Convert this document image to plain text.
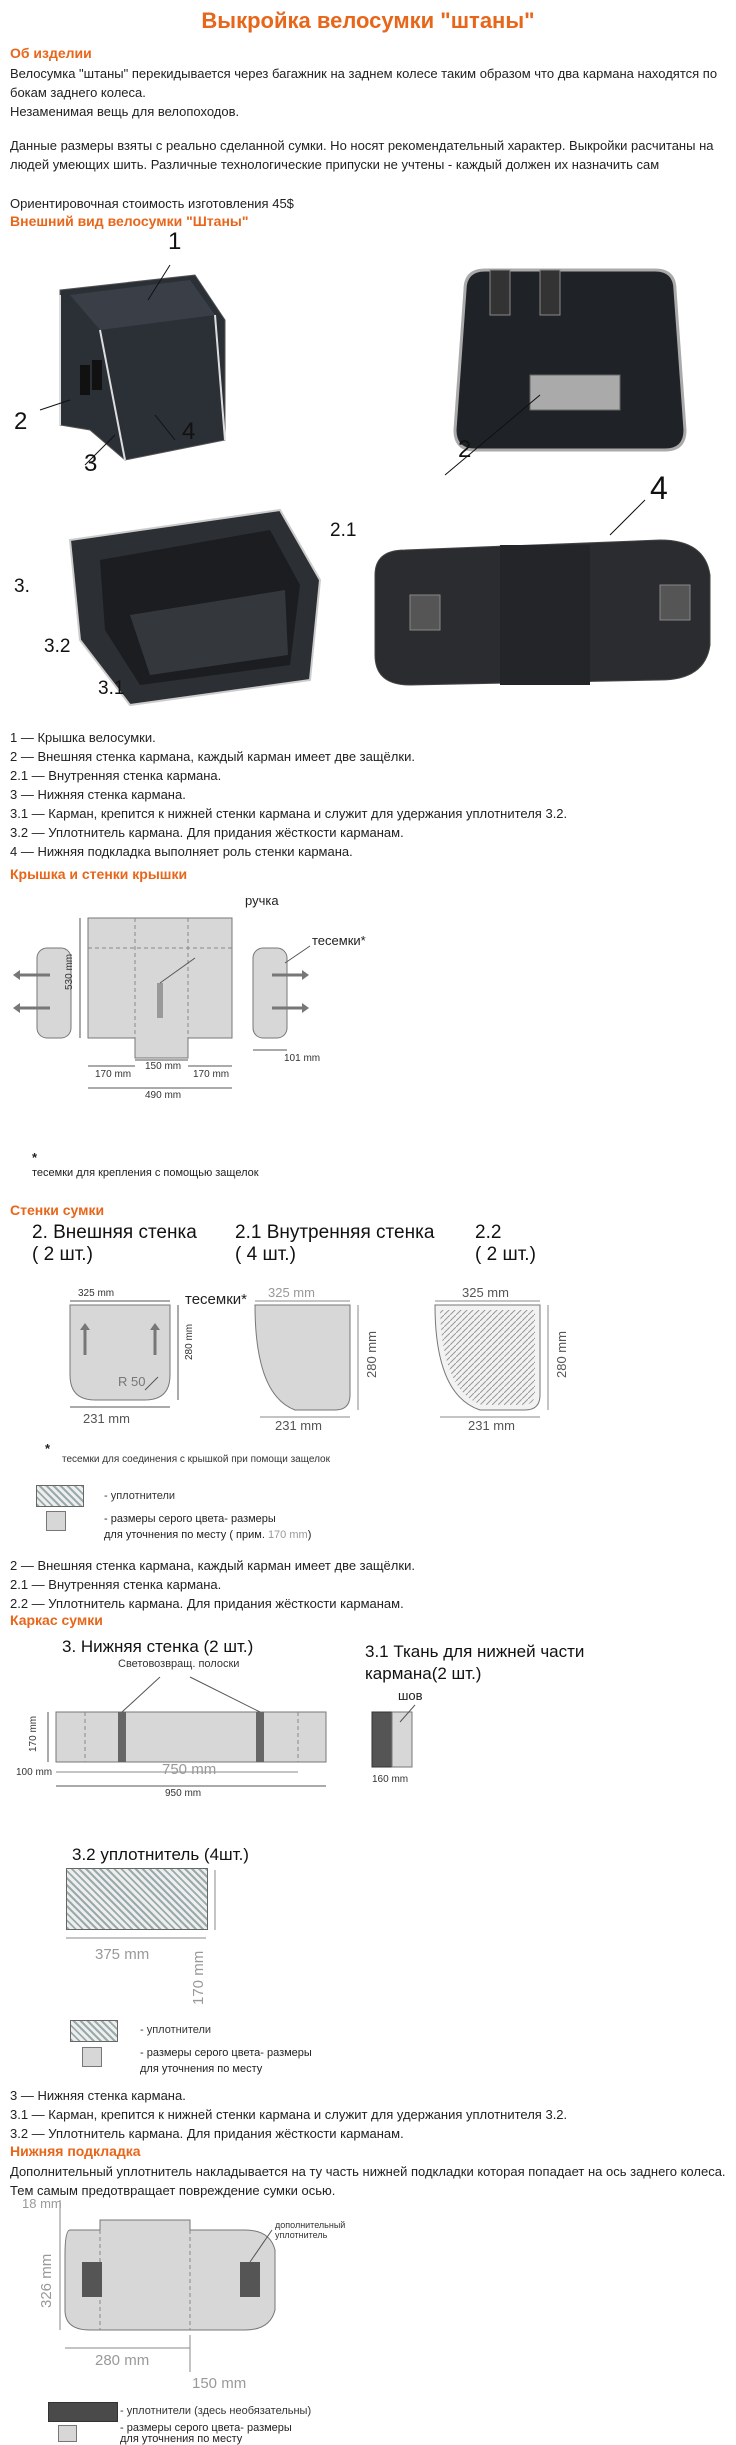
Выкройка велосумки "штаны"
Об изделии
Велосумка "штаны" перекидывается через багажник на заднем колесе таким образом что два кармана находятся по бокам заднего колеса.
Незаменимая вещь для велопоходов.
Данные размеры взяты с реально сделанной сумки. Но носят рекомендательный характер. Выкройки расчитаны на людей умеющих шить. Различные технологические припуски не учтены - каждый должен их назначить сам
Ориентировочная стоимость изготовления 45$
Внешний вид велосумки "Штаны"
1
2
3
4
2
2.1
3.
3.2
3.1
4
1 — Крышка велосумки.
2 — Внешняя стенка кармана, каждый карман имеет две защёлки.
2.1 — Внутренняя стенка кармана.
3 — Нижняя стенка кармана.
3.1 — Карман, крепится к нижней стенки кармана и служит для удержания уплотнителя 3.2.
3.2 — Уплотнитель кармана. Для придания жёсткости карманам.
4 — Нижняя подкладка выполняет роль стенки кармана.
Крышка и стенки крышки
ручка
тесемки*
530 mm
170 mm
150 mm
170 mm
490 mm
101 mm
*
тесемки для крепления с помощью защелок
Стенки сумки
2. Внешняя стенка
( 2 шт.)
2.1 Внутренняя стенка
( 4 шт.)
2.2
( 2 шт.)
тесемки*
325 mm
280 mm
R 50
231 mm
325 mm
280 mm
231 mm
325 mm
280 mm
231 mm
*
тесемки для соединения с крышкой при помощи защелок
- уплотнители
- размеры серого цвета- размеры
для уточнения по месту ( прим. 170 mm)
2 — Внешняя стенка кармана, каждый карман имеет две защёлки.
2.1 — Внутренняя стенка кармана.
2.2 — Уплотнитель кармана. Для придания жёсткости карманам.
Каркас сумки
3. Нижняя стенка (2 шт.)
Световозвращ. полоски
170 mm
100 mm	750 mm
950 mm
3.1 Ткань для нижней части
кармана(2 шт.)
шов
160 mm
3.2 уплотнитель (4шт.)
375 mm	170 mm
- уплотнители
- размеры серого цвета- размеры
для уточнения по месту
3 — Нижняя стенка кармана.
3.1 — Карман, крепится к нижней стенки кармана и служит для удержания уплотнителя 3.2.
3.2 — Уплотнитель кармана. Для придания жёсткости карманам.
Нижняя подкладка
Дополнительный уплотнитель накладывается на ту часть нижней подкладки которая попадает на ось заднего колеса. Тем самым предотвращает повреждение сумки осью.
дополнительный
уплотнитель
18 mm
326 mm
280 mm
150 mm
- уплотнители (здесь необязательны)
- размеры серого цвета- размеры
для уточнения по месту
